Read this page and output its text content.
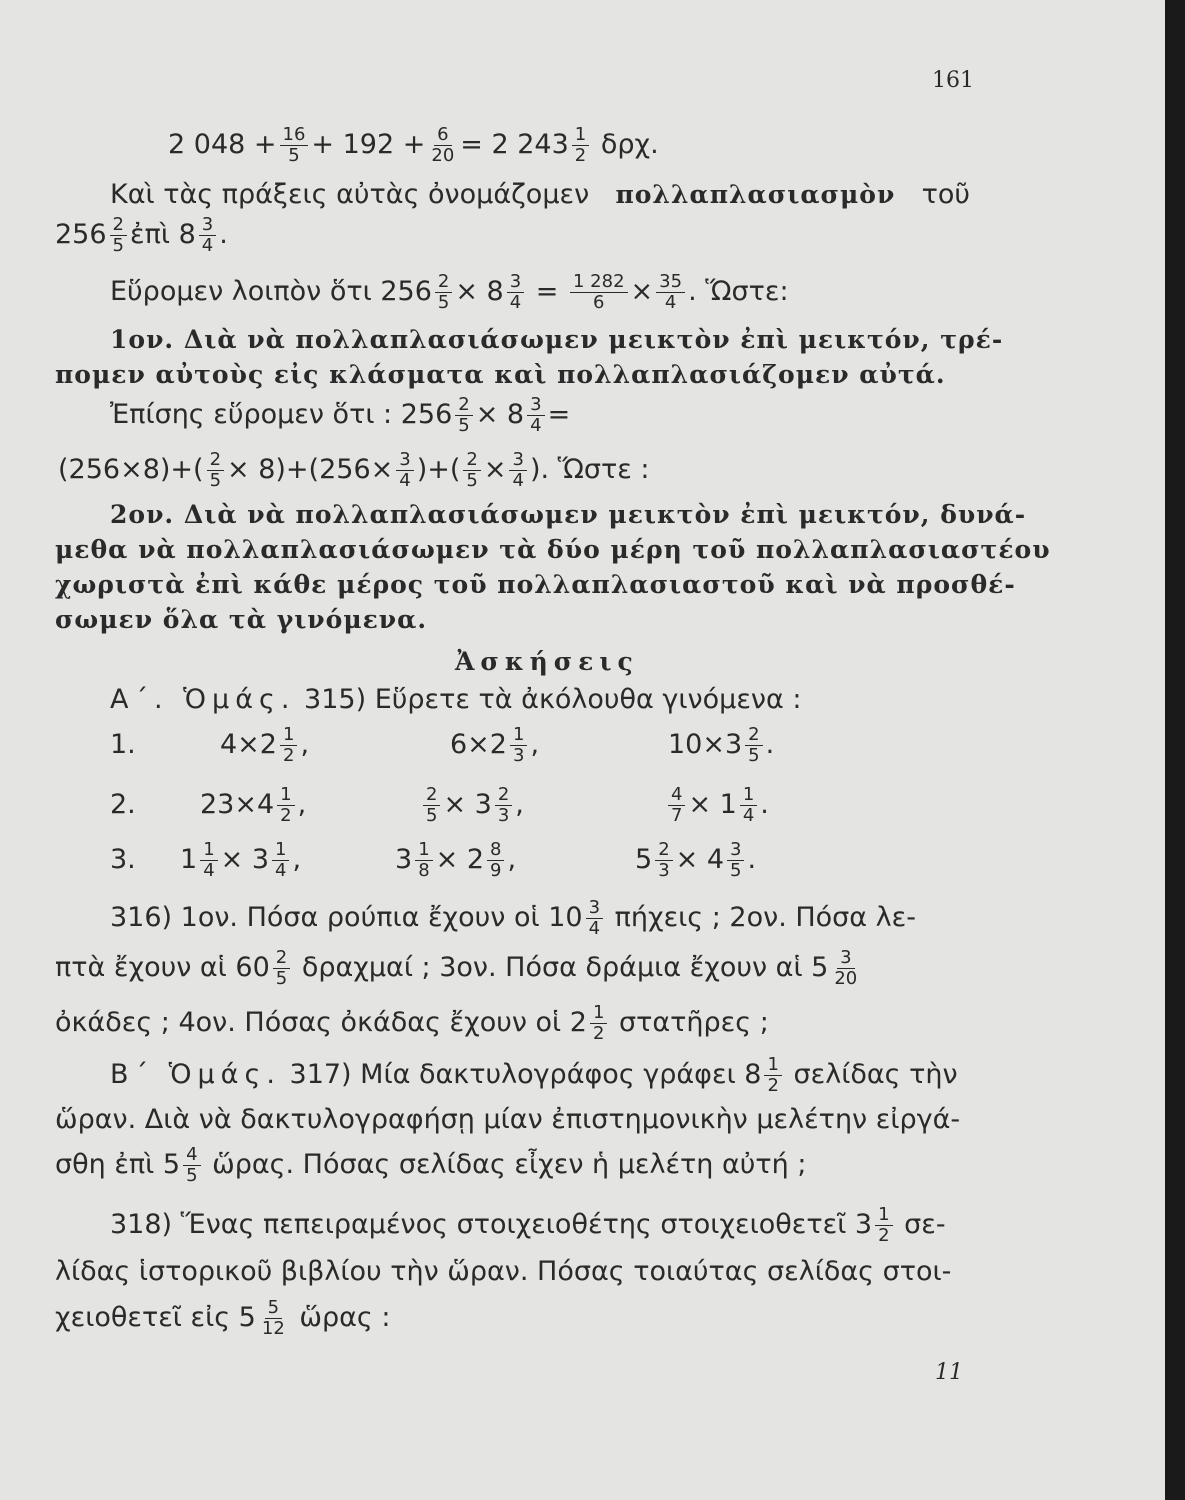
161
2 $048 + \frac{16}{5} + 192 + \frac{6}{20} = 2$ $243 \frac{1}{2} \delta\rho\chi$.
Καὶ τὰς πράξεις αὐτὰς ὀνομάζομεν πολλαπλασιασμὸν τοῦ
$256 \frac{2}{5}$ ἐπὶ $8 \frac{3}{4}$ .
Εὕρομεν λοιπὸν ὅτι $256 \frac{2}{5} \times 8 \frac{3}{4} = \frac{1 282}{6} \times \frac{35}{4}$ . Ὥστε:
1ον. Διὰ νὰ πολλαπλασιάσωμεν μεικτὸν ἐπὶ μεικτόν, τρέ-
πομεν αὐτοὺς εἰς κλάσματα καὶ πολλαπλασιάζομεν αὐτά.
Ἐπίσης εὕρομεν ὅτι : $256 \frac{2}{5} \times 8 \frac{3}{4}$ =
$(256\times 8)+( \frac{2}{5} \times 8)+(256\times \frac{3}{4}$ )+( $\frac{2}{5} \times \frac{3}{4}$ ). Ὥστε :
2ον. Διὰ νὰ πολλαπλασιάσωμεν μεικτὸν ἐπὶ μεικτόν, δυνά-
μεθα νὰ πολλαπλασιάσωμεν τὰ δύο μέρη τοῦ πολλαπλασιαστέου
χωριστὰ ἐπὶ κάθε μέρος τοῦ πολλαπλασιαστοῦ καὶ νὰ προσθέ-
σωμεν ὅλα τὰ γινόμενα.
Ἀσκήσεις
Α΄. Ὁμάς. 315) Εὕρετε τὰ ἀκόλουθα γινόμενα :
1.	$4\times 2 \frac{1}{2}$ ,	$6\times 2 \frac{1}{3}$ ,	$10\times 3 \frac{2}{5}$ .
2. $23\times 4 \frac{1}{2}$ ,	$\frac{2}{5} \times 3 \frac{2}{3}$ ,	$\frac{4}{7} \times 1 \frac{1}{4}$ .
3. $1 \frac{1}{4} \times 3 \frac{1}{4}$ ,	$3 \frac{1}{8} \times 2 \frac{8}{9}$ ,	$5 \frac{2}{3} \times 4 \frac{3}{5}$ .
316) 1ον. Πόσα ρούπια ἔχουν οἱ $10 \frac{3}{4}$ πήχεις ; 2ον. Πόσα λε-
πτὰ ἔχουν αἱ $60 \frac{2}{5}$ δραχμαί ; 3ον. Πόσα δράμια ἔχουν αἱ $5 \frac{3}{20}$
ὀκάδες ; 4ον. Πόσας ὀκάδας ἔχουν οἱ $2 \frac{1}{2}$ στατῆρες ;
Β΄ Ὁμάς. 317) Μία δακτυλογράφος γράφει $8 \frac{1}{2}$ σελίδας τὴν
ὥραν. Διὰ νὰ δακτυλογραφήσῃ μίαν ἐπιστημονικὴν μελέτην εἰργά-
σθη ἐπὶ $5 \frac{4}{5}$ ὥρας. Πόσας σελίδας εἶχεν ἡ μελέτη αὐτή ;
318) Ἕνας πεπειραμένος στοιχειοθέτης στοιχειοθετεῖ $3 \frac{1}{2} \sigma\varepsilon-$
λίδας ἱστορικοῦ βιβλίου τὴν ὥραν. Πόσας τοιαύτας σελίδας στοι-
χειοθετεῖ εἰς $5 \frac{5}{12}$ ὥρας :
11
